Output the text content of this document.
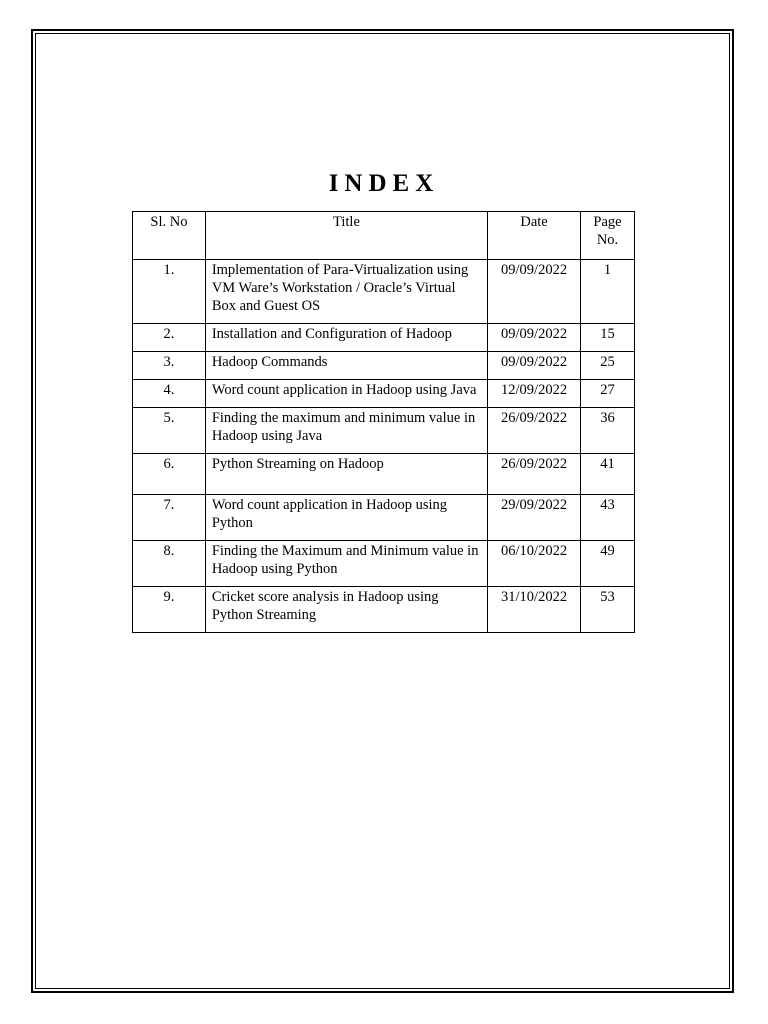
INDEX
Sl. No	Title	Date	Page No.
1.	Implementation of Para-Virtualization using VM Ware’s Workstation / Oracle’s Virtual Box and Guest OS	09/09/2022	1
2.	Installation and Configuration of Hadoop	09/09/2022	15
3.	Hadoop Commands	09/09/2022	25
4.	Word count application in Hadoop using Java	12/09/2022	27
5.	Finding the maximum and minimum value in Hadoop using Java	26/09/2022	36
6.	Python Streaming on Hadoop	26/09/2022	41
7.	Word count application in Hadoop using Python	29/09/2022	43
8.	Finding the Maximum and Minimum value in Hadoop using Python	06/10/2022	49
9.	Cricket score analysis in Hadoop using Python Streaming	31/10/2022	53
